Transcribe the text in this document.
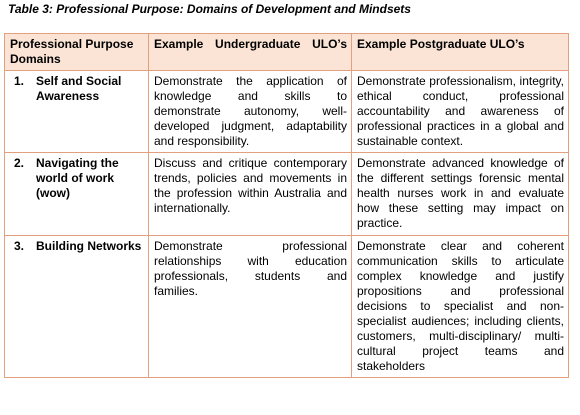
Table 3: Professional Purpose: Domains of Development and Mindsets
Professional Purpose Domains	Example Undergraduate ULO’s	Example Postgraduate ULO’s

1. Self and Social Awareness	Demonstrate the application of knowledge and skills to demonstrate autonomy, well-developed judgment, adaptability and responsibility.	Demonstrate professionalism, integrity, ethical conduct, professional accountability and awareness of professional practices in a global and sustainable context.

2. Navigating the world of work (wow)	Discuss and critique contemporary trends, policies and movements in the profession within Australia and internationally.	Demonstrate advanced knowledge of the different settings forensic mental health nurses work in and evaluate how these setting may impact on practice.

3. Building Networks	Demonstrate professional relationships with education professionals, students and families.	Demonstrate clear and coherent communication skills to articulate complex knowledge and justify propositions and professional decisions to specialist and non-specialist audiences; including clients, customers, multi-disciplinary/ multi-cultural project teams and stakeholders
